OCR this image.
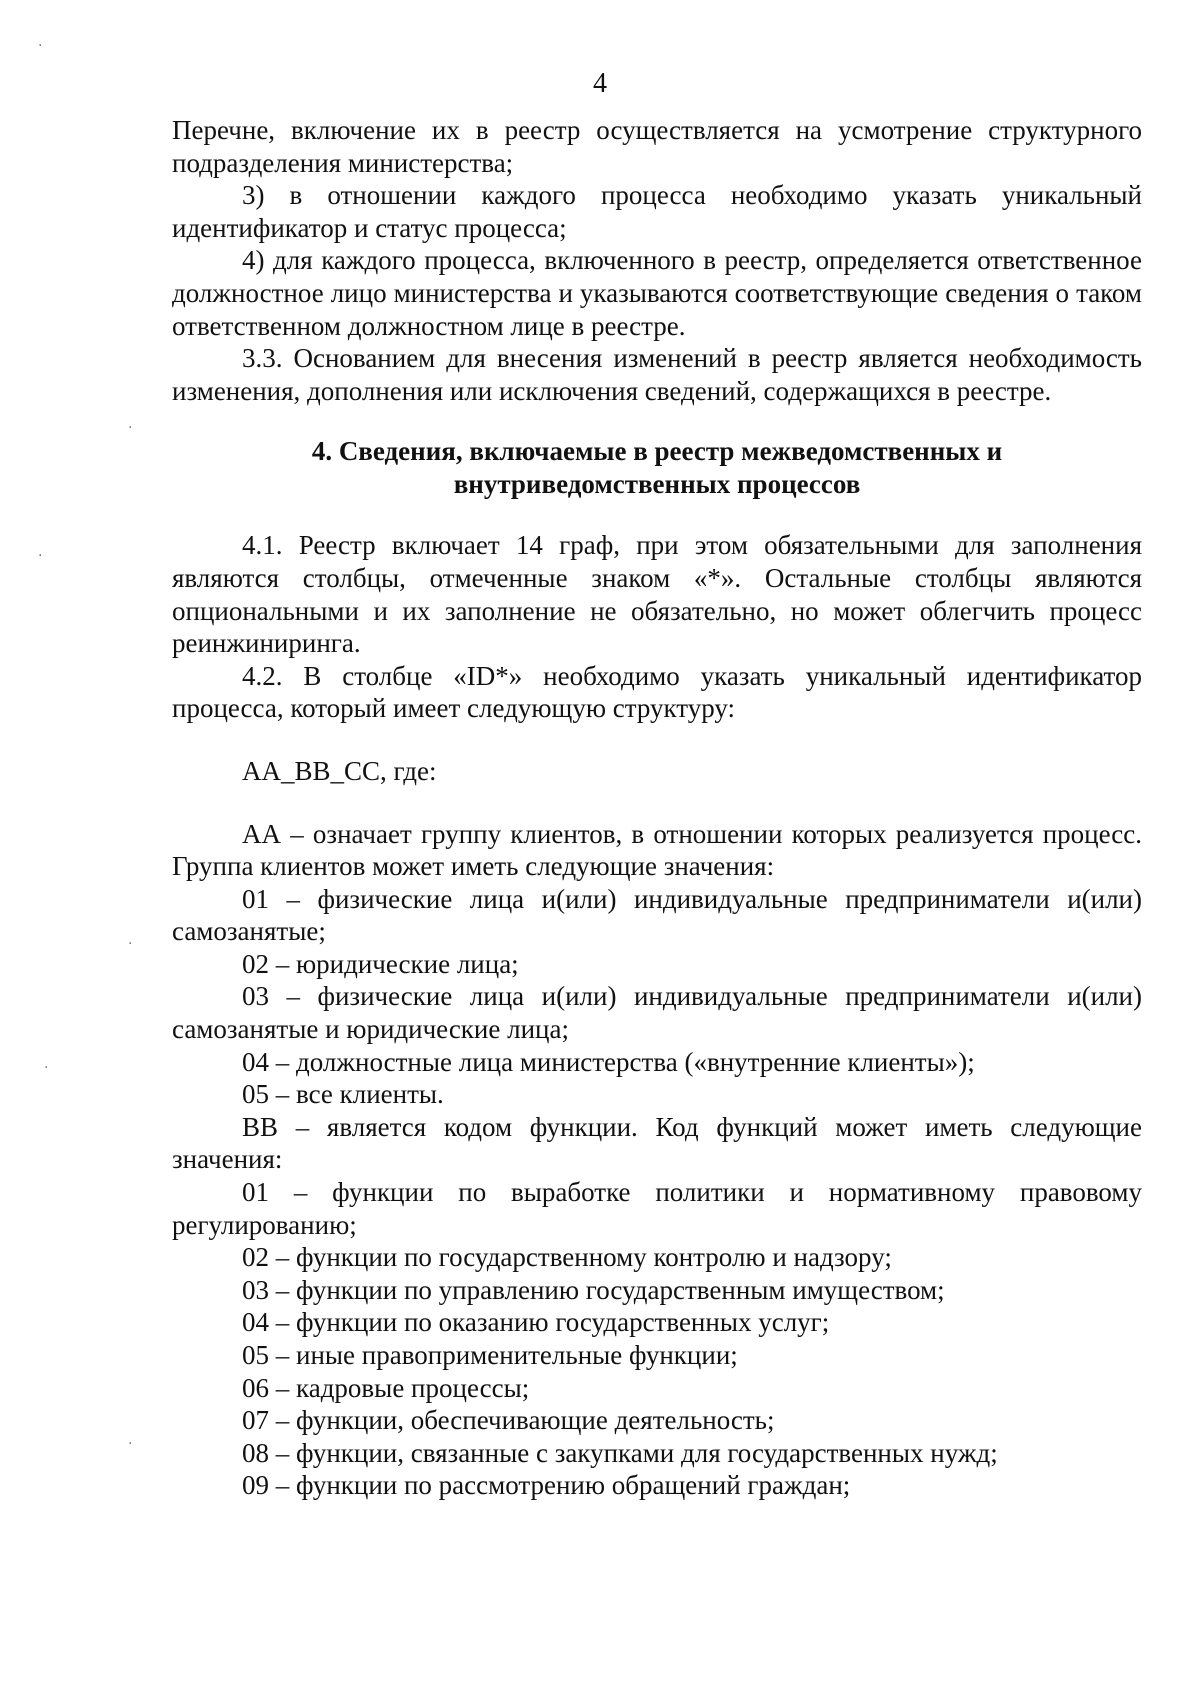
4
·
·
·
·
·
·

Перечне, включение их в реестр осуществляется на усмотрение структурного подразделения министерства;

3) в отношении каждого процесса необходимо указать уникальный идентификатор и статус процесса;

4) для каждого процесса, включенного в реестр, определяется ответственное должностное лицо министерства и указываются соответствующие сведения о таком ответственном должностном лице в реестре.

3.3. Основанием для внесения изменений в реестр является необходимость изменения, дополнения или исключения сведений, содержащихся в реестре.

4. Сведения, включаемые в реестр межведомственных и
внутриведомственных процессов

4.1. Реестр включает 14 граф, при этом обязательными для заполнения являются столбцы, отмеченные знаком «*». Остальные столбцы являются опциональными и их заполнение не обязательно, но может облегчить процесс реинжиниринга.

4.2. В столбце «ID*» необходимо указать уникальный идентификатор процесса, который имеет следующую структуру:

AA_BB_CC, где:

АА – означает группу клиентов, в отношении которых реализуется процесс. Группа клиентов может иметь следующие значения:

01 – физические лица и(или) индивидуальные предприниматели и(или) самозанятые;

02 – юридические лица;

03 – физические лица и(или) индивидуальные предприниматели и(или) самозанятые и юридические лица;

04 – должностные лица министерства («внутренние клиенты»);

05 – все клиенты.

ВВ – является кодом функции. Код функций может иметь следующие значения:

01 – функции по выработке политики и нормативному правовому регулированию;

02 – функции по государственному контролю и надзору;

03 – функции по управлению государственным имуществом;

04 – функции по оказанию государственных услуг;

05 – иные правоприменительные функции;

06 – кадровые процессы;

07 – функции, обеспечивающие деятельность;

08 – функции, связанные с закупками для государственных нужд;

09 – функции по рассмотрению обращений граждан;
